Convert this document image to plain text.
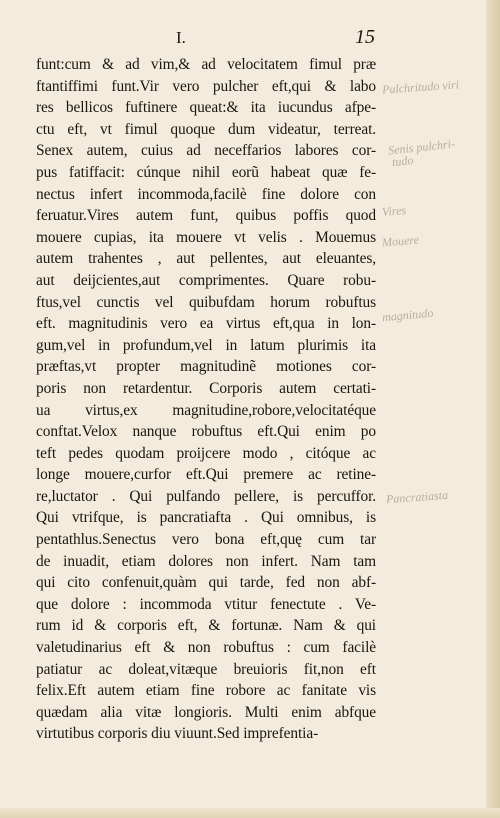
I.	15
funt:cum & ad vim,& ad velocitatem fimul præ
ftantiffimi funt.Vir vero pulcher eft,qui & labo
res bellicos fuftinere queat:& ita iucundus afpe-
ctu eft, vt fimul quoque dum videatur, terreat.
Senex autem, cuius ad neceffarios labores cor-
pus fatiffacit: cúnque nihil eorũ habeat quæ fe-
nectus infert incommoda,facilè fine dolore con
feruatur.Vires autem funt, quibus poffis quod
mouere cupias, ita mouere vt velis . Mouemus
autem trahentes , aut pellentes, aut eleuantes,
aut deijcientes,aut comprimentes. Quare robu-
ftus,vel cunctis vel quibufdam horum robuftus
eft. magnitudinis vero ea virtus eft,qua in lon-
gum,vel in profundum,vel in latum plurimis ita
præftas,vt propter magnitudinẽ motiones cor-
poris non retardentur. Corporis autem certati-
ua virtus,ex magnitudine,robore,velocitatéque
conftat.Velox nanque robuftus eft.Qui enim po
teft pedes quodam proijcere modo , citóque ac
longe mouere,curfor eft.Qui premere ac retine-
re,luctator . Qui pulfando pellere, is percuffor.
Qui vtrifque, is pancratiafta . Qui omnibus, is
pentathlus.Senectus vero bona eft,quę cum tar
de inuadit, etiam dolores non infert. Nam tam
qui cito confenuit,quàm qui tarde, fed non abf-
que dolore : incommoda vtitur fenectute . Ve-
rum id & corporis eft, & fortunæ. Nam & qui
valetudinarius eft & non robuftus : cum facilè
patiatur ac doleat,vitæque breuioris fit,non eft
felix.Eft autem etiam fine robore ac fanitate vis
quædam alia vitæ longioris. Multi enim abfque
virtutibus corporis diu viuunt.Sed imprefentia-
Pulchritudo viri
Senis pulchri-
tudo
Vires
Mouere
magnitudo
Pancratiasta
